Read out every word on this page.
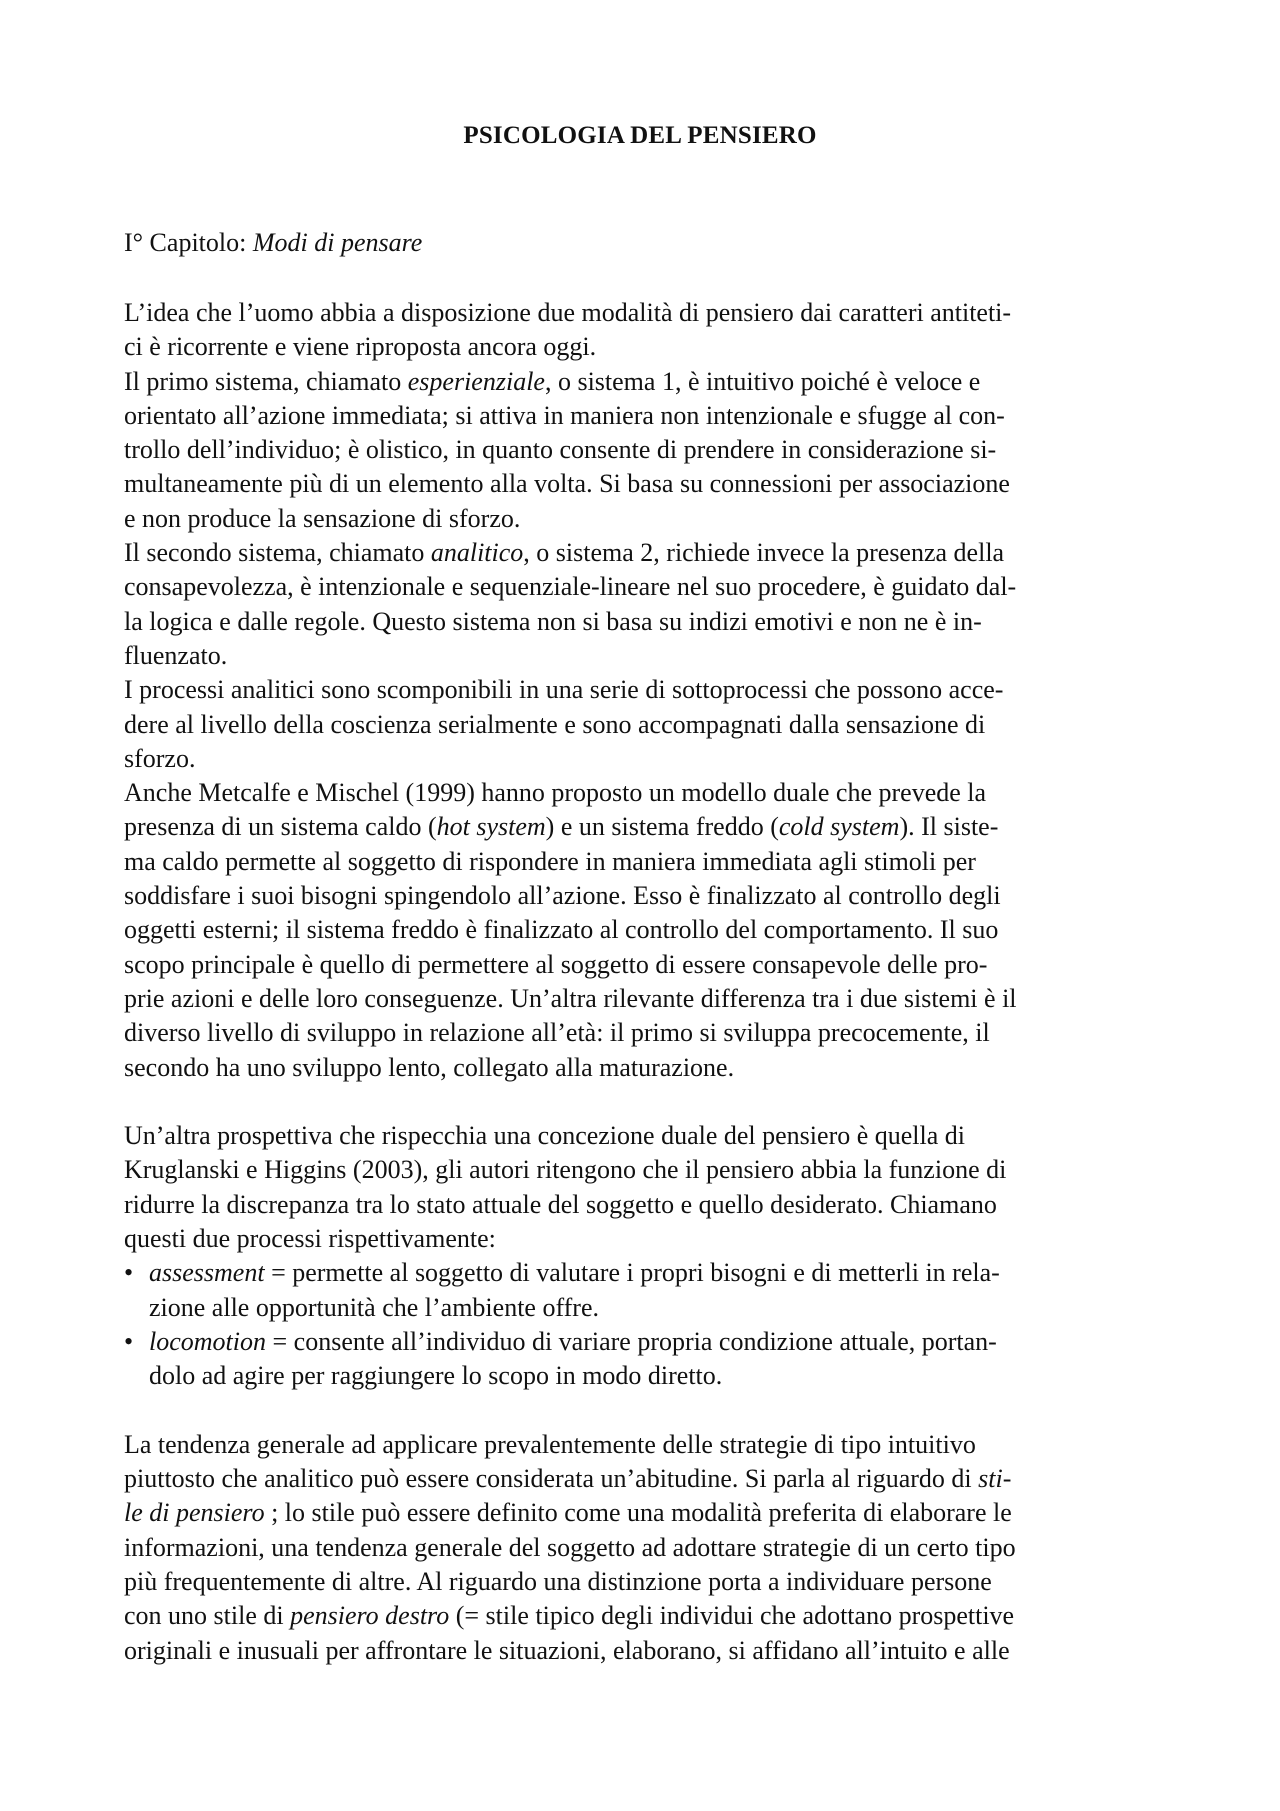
PSICOLOGIA DEL PENSIERO
I° Capitolo: Modi di pensare
L’idea che l’uomo abbia a disposizione due modalità di pensiero dai caratteri antiteti-
ci è ricorrente e viene riproposta ancora oggi.
Il primo sistema, chiamato esperienziale, o sistema 1, è intuitivo poiché è veloce e
orientato all’azione immediata; si attiva in maniera non intenzionale e sfugge al con-
trollo dell’individuo; è olistico, in quanto consente di prendere in considerazione si-
multaneamente più di un elemento alla volta. Si basa su connessioni per associazione
e non produce la sensazione di sforzo.
Il secondo sistema, chiamato analitico, o sistema 2, richiede invece la presenza della
consapevolezza, è intenzionale e sequenziale-lineare nel suo procedere, è guidato dal-
la logica e dalle regole. Questo sistema non si basa su indizi emotivi e non ne è in-
fluenzato.
I processi analitici sono scomponibili in una serie di sottoprocessi che possono acce-
dere al livello della coscienza serialmente e sono accompagnati dalla sensazione di
sforzo.
Anche Metcalfe e Mischel (1999) hanno proposto un modello duale che prevede la
presenza di un sistema caldo (hot system) e un sistema freddo (cold system). Il siste-
ma caldo permette al soggetto di rispondere in maniera immediata agli stimoli per
soddisfare i suoi bisogni spingendolo all’azione. Esso è finalizzato al controllo degli
oggetti esterni; il sistema freddo è finalizzato al controllo del comportamento. Il suo
scopo principale è quello di permettere al soggetto di essere consapevole delle pro-
prie azioni e delle loro conseguenze. Un’altra rilevante differenza tra i due sistemi è il
diverso livello di sviluppo in relazione all’età: il primo si sviluppa precocemente, il
secondo ha uno sviluppo lento, collegato alla maturazione.
Un’altra prospettiva che rispecchia una concezione duale del pensiero è quella di
Kruglanski e Higgins (2003), gli autori ritengono che il pensiero abbia la funzione di
ridurre la discrepanza tra lo stato attuale del soggetto e quello desiderato. Chiamano
questi due processi rispettivamente:
• assessment = permette al soggetto di valutare i propri bisogni e di metterli in rela-
zione alle opportunità che l’ambiente offre.
• locomotion = consente all’individuo di variare propria condizione attuale, portan-
dolo ad agire per raggiungere lo scopo in modo diretto.
La tendenza generale ad applicare prevalentemente delle strategie di tipo intuitivo
piuttosto che analitico può essere considerata un’abitudine. Si parla al riguardo di sti-
le di pensiero ; lo stile può essere definito come una modalità preferita di elaborare le
informazioni, una tendenza generale del soggetto ad adottare strategie di un certo tipo
più frequentemente di altre. Al riguardo una distinzione porta a individuare persone
con uno stile di pensiero destro (= stile tipico degli individui che adottano prospettive
originali e inusuali per affrontare le situazioni, elaborano, si affidano all’intuito e alle
